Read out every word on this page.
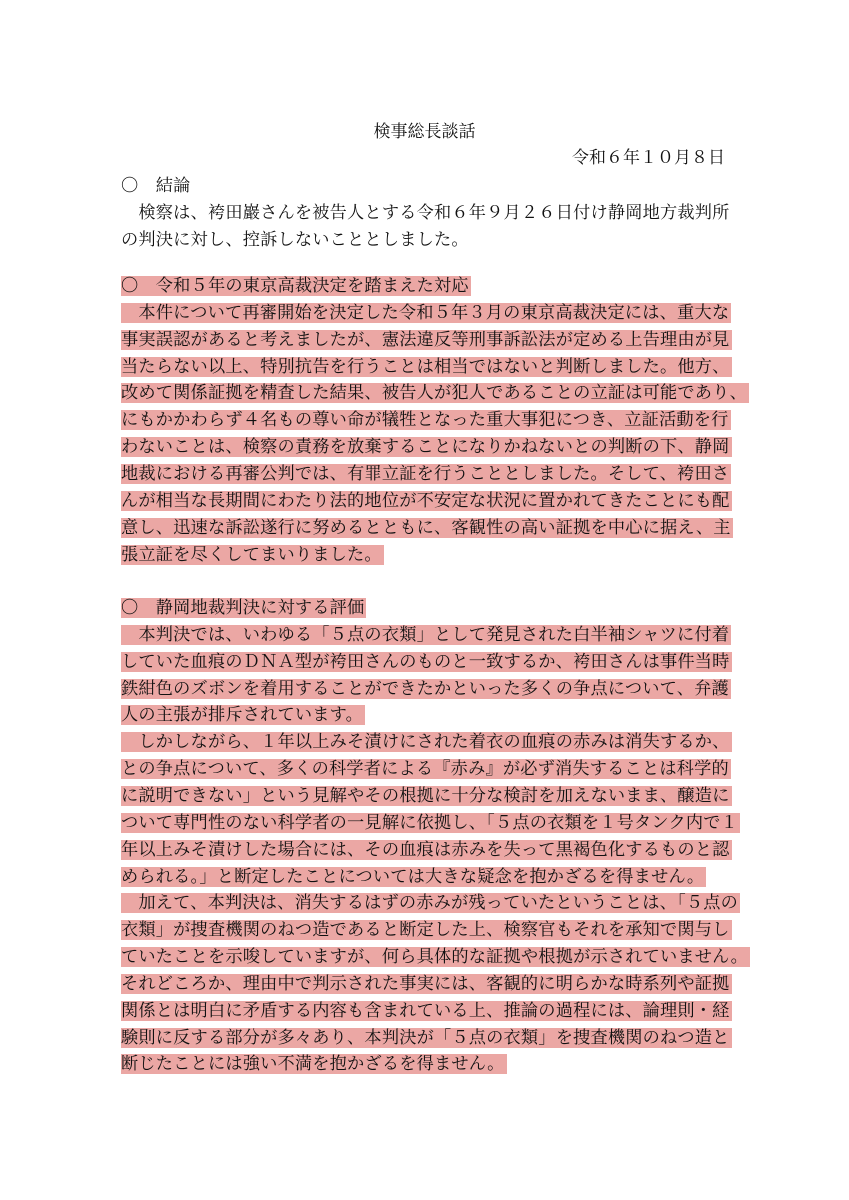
検事総長談話
令和６年１０月８日
〇　結論
　検察は、袴田巖さんを被告人とする令和６年９月２６日付け静岡地方裁判所
の判決に対し、控訴しないこととしました。
〇　令和５年の東京高裁決定を踏まえた対応
　本件について再審開始を決定した令和５年３月の東京高裁決定には、重大な
事実誤認があると考えましたが、憲法違反等刑事訴訟法が定める上告理由が見
当たらない以上、特別抗告を行うことは相当ではないと判断しました。他方、
改めて関係証拠を精査した結果、被告人が犯人であることの立証は可能であり、
にもかかわらず４名もの尊い命が犠牲となった重大事犯につき、立証活動を行
わないことは、検察の責務を放棄することになりかねないとの判断の下、静岡
地裁における再審公判では、有罪立証を行うこととしました。そして、袴田さ
んが相当な長期間にわたり法的地位が不安定な状況に置かれてきたことにも配
意し、迅速な訴訟遂行に努めるとともに、客観性の高い証拠を中心に据え、主
張立証を尽くしてまいりました。
〇　静岡地裁判決に対する評価
　本判決では、いわゆる「５点の衣類」として発見された白半袖シャツに付着
していた血痕のＤＮＡ型が袴田さんのものと一致するか、袴田さんは事件当時
鉄紺色のズボンを着用することができたかといった多くの争点について、弁護
人の主張が排斥されています。
　しかしながら、１年以上みそ漬けにされた着衣の血痕の赤みは消失するか、
との争点について、多くの科学者による『赤み』が必ず消失することは科学的
に説明できない」という見解やその根拠に十分な検討を加えないまま、醸造に
ついて専門性のない科学者の一見解に依拠し、「５点の衣類を１号タンク内で１
年以上みそ漬けした場合には、その血痕は赤みを失って黒褐色化するものと認
められる。」と断定したことについては大きな疑念を抱かざるを得ません。
　加えて、本判決は、消失するはずの赤みが残っていたということは、「５点の
衣類」が捜査機関のねつ造であると断定した上、検察官もそれを承知で関与し
ていたことを示唆していますが、何ら具体的な証拠や根拠が示されていません。
それどころか、理由中で判示された事実には、客観的に明らかな時系列や証拠
関係とは明白に矛盾する内容も含まれている上、推論の過程には、論理則・経
験則に反する部分が多々あり、本判決が「５点の衣類」を捜査機関のねつ造と
断じたことには強い不満を抱かざるを得ません。
